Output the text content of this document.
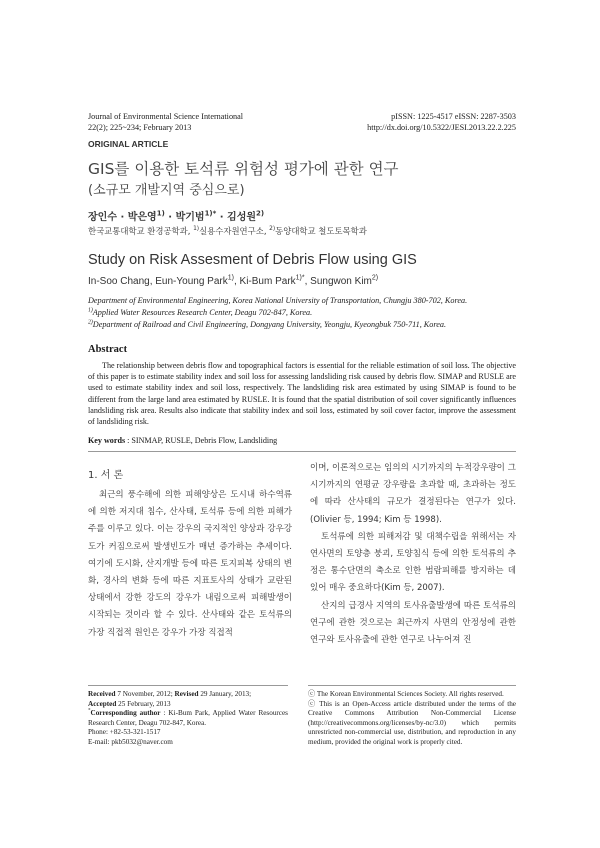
Journal of Environmental Science International
22(2); 225~234; February 2013
pISSN: 1225-4517 eISSN: 2287-3503
http://dx.doi.org/10.5322/JESI.2013.22.2.225
ORIGINAL ARTICLE
GIS를 이용한 토석류 위험성 평가에 관한 연구
(소규모 개발지역 중심으로)
장인수 · 박은영$^{1)}$ · 박기범$^{1)*}$ · 김성원$^{2)}$
한국교통대학교 환경공학과, $^{1)}$실용수자원연구소, $^{2)}$동양대학교 철도토목학과
Study on Risk Assesment of Debris Flow using GIS
In-Soo Chang, Eun-Young Park$^{1)}$, Ki-Bum Park$^{1)*}$, Sungwon Kim$^{2)}$
Department of Environmental Engineering, Korea National University of Transportation, Chungju 380-702, Korea.
$^{1)}$Applied Water Resources Research Center, Deagu 702-847, Korea.
$^{2)}$Department of Railroad and Civil Engineering, Dongyang University, Yeongju, Kyeongbuk 750-711, Korea.
Abstract
The relationship between debris flow and topographical factors is essential for the reliable estimation of soil loss. The objective of this paper is to estimate stability index and soil loss for assessing landsliding risk caused by debris flow. SIMAP and RUSLE are used to estimate stability index and soil loss, respectively. The landsliding risk area estimated by using SIMAP is found to be different from the large land area estimated by RUSLE. It is found that the spatial distribution of soil cover significantly influences landsliding risk area. Results also indicate that stability index and soil loss, estimated by soil cover factor, improve the assessment of landsliding risk.
Key words : SINMAP, RUSLE, Debris Flow, Landsliding
1. 서 론
최근의 풍수해에 의한 피해양상은 도시내 하수역류에 의한 저지대 침수, 산사태, 토석류 등에 의한 피해가 주를 이루고 있다. 이는 강우의 국지적인 양상과 강우강도가 커짐으로써 발생빈도가 매년 증가하는 추세이다. 여기에 도시화, 산지개발 등에 따른 토지피복 상태의 변화, 경사의 변화 등에 따른 지표토사의 상태가 교란된 상태에서 강한 강도의 강우가 내림으로써 피해발생이 시작되는 것이라 할 수 있다. 산사태와 같은 토석류의 가장 직접적 원인은 강우가 가장 직접적
이며, 이론적으로는 임의의 시기까지의 누적강우량이 그 시기까지의 연평균 강우량을 초과할 때, 초과하는 정도에 따라 산사태의 규모가 결정된다는 연구가 있다.(Olivier 등, 1994; Kim 등 1998).
토석류에 의한 피해저감 및 대책수립을 위해서는 자연사면의 토양층 붕괴, 토양침식 등에 의한 토석류의 추정은 통수단면의 축소로 인한 범람피해를 방지하는 데 있어 매우 중요하다(Kim 등, 2007).
산지의 급경사 지역의 토사유출발생에 따른 토석류의 연구에 관한 것으로는 최근까지 사면의 안정성에 관한 연구와 토사유출에 관한 연구로 나누어져 진
Received 7 November, 2012; Revised 29 January, 2013;
Accepted 25 February, 2013
*Corresponding author : Ki-Bum Park, Applied Water Resources Research Center, Deagu 702-847, Korea.
Phone: +82-53-321-1517
E-mail: pkb5032@naver.com
ⓒ The Korean Environmental Sciences Society. All rights reserved.
ⓒ This is an Open-Access article distributed under the terms of the Creative Commons Attribution Non-Commercial License (http://creativecommons.org/licenses/by-nc/3.0) which permits unrestricted non-commercial use, distribution, and reproduction in any medium, provided the original work is properly cited.
